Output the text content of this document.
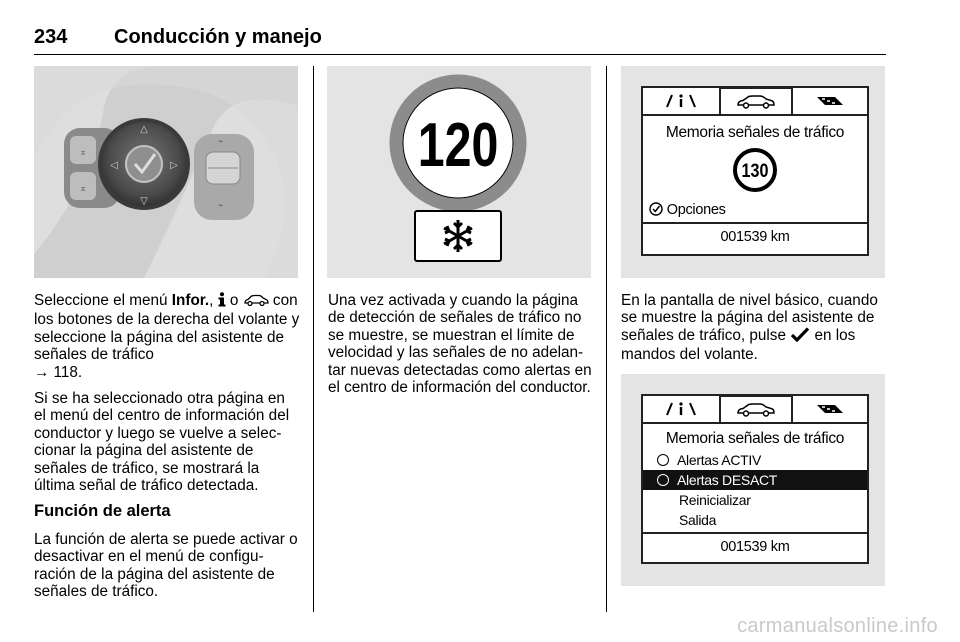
234 Conducción y manejo
⌅
⌅
△
▽
◁	▷
⌁
⌁

Seleccione el menú Infor.,  o  con los botones de la derecha del volante y seleccione la página del asistente de señales de tráfico
→ 118.

Si se ha seleccionado otra página en el menú del centro de información del conductor y luego se vuelve a selec‐cionar la página del asistente de señales de tráfico, se mostrará la última señal de tráfico detectada.

Función de alerta

La función de alerta se puede activar o desactivar en el menú de configu‐ración de la página del asistente de señales de tráfico.

120

Una vez activada y cuando la página de detección de señales de tráfico no se muestre, se muestran el límite de velocidad y las señales de no adelan‐tar nuevas detectadas como alertas en el centro de información del conductor.

Memoria señales de tráfico
130
Opciones
001539 km

En la pantalla de nivel básico, cuando se muestre la página del asistente de señales de tráfico, pulse  en los mandos del volante.

Memoria señales de tráfico
Alertas ACTIV
Alertas DESACT
Reinicializar
Salida
001539 km
carmanualsonline.info
